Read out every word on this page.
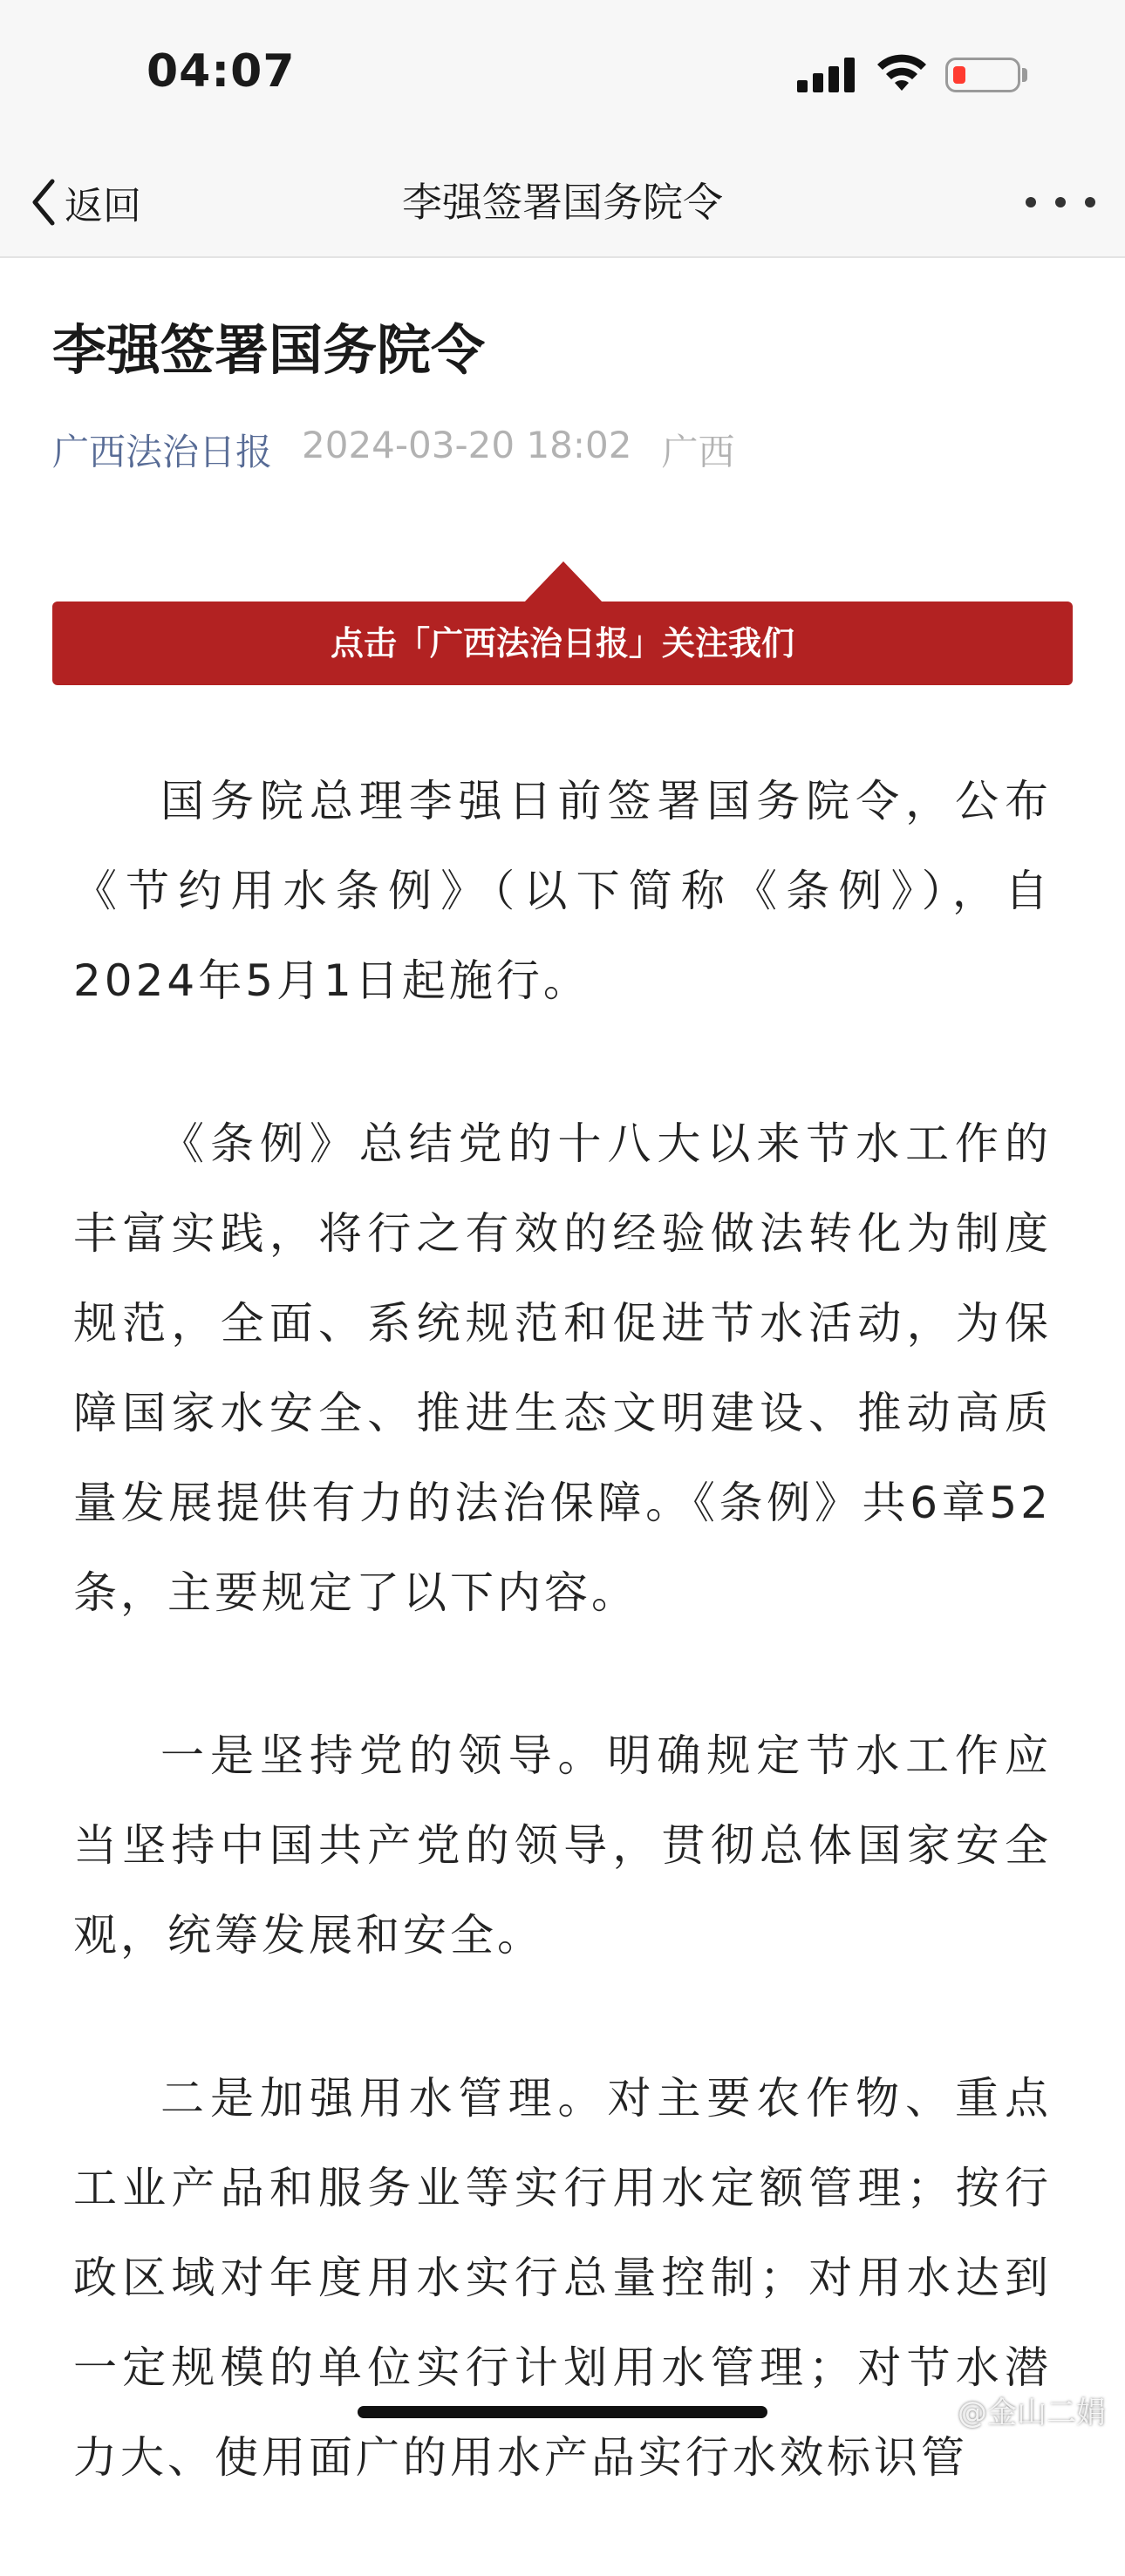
04:07
返回	李强签署国务院令
李强签署国务院令
广西法治日报 2024-03-20 18:02 广西
点击「广西法治日报」关注我们

国务院总理李强日前签署国务院令，公布《节约用水条例》（以下简称《条例》），自2024年5月1日起施行。

《条例》总结党的十八大以来节水工作的丰富实践，将行之有效的经验做法转化为制度规范，全面、系统规范和促进节水活动，为保障国家水安全、推进生态文明建设、推动高质量发展提供有力的法治保障。《条例》共6章52条，主要规定了以下内容。

一是坚持党的领导。明确规定节水工作应当坚持中国共产党的领导，贯彻总体国家安全观，统筹发展和安全。

二是加强用水管理。对主要农作物、重点工业产品和服务业等实行用水定额管理；按行政区域对年度用水实行总量控制；对用水达到一定规模的单位实行计划用水管理；对节水潜力大、使用面广的用水产品实行水效标识管

@金山二娟
